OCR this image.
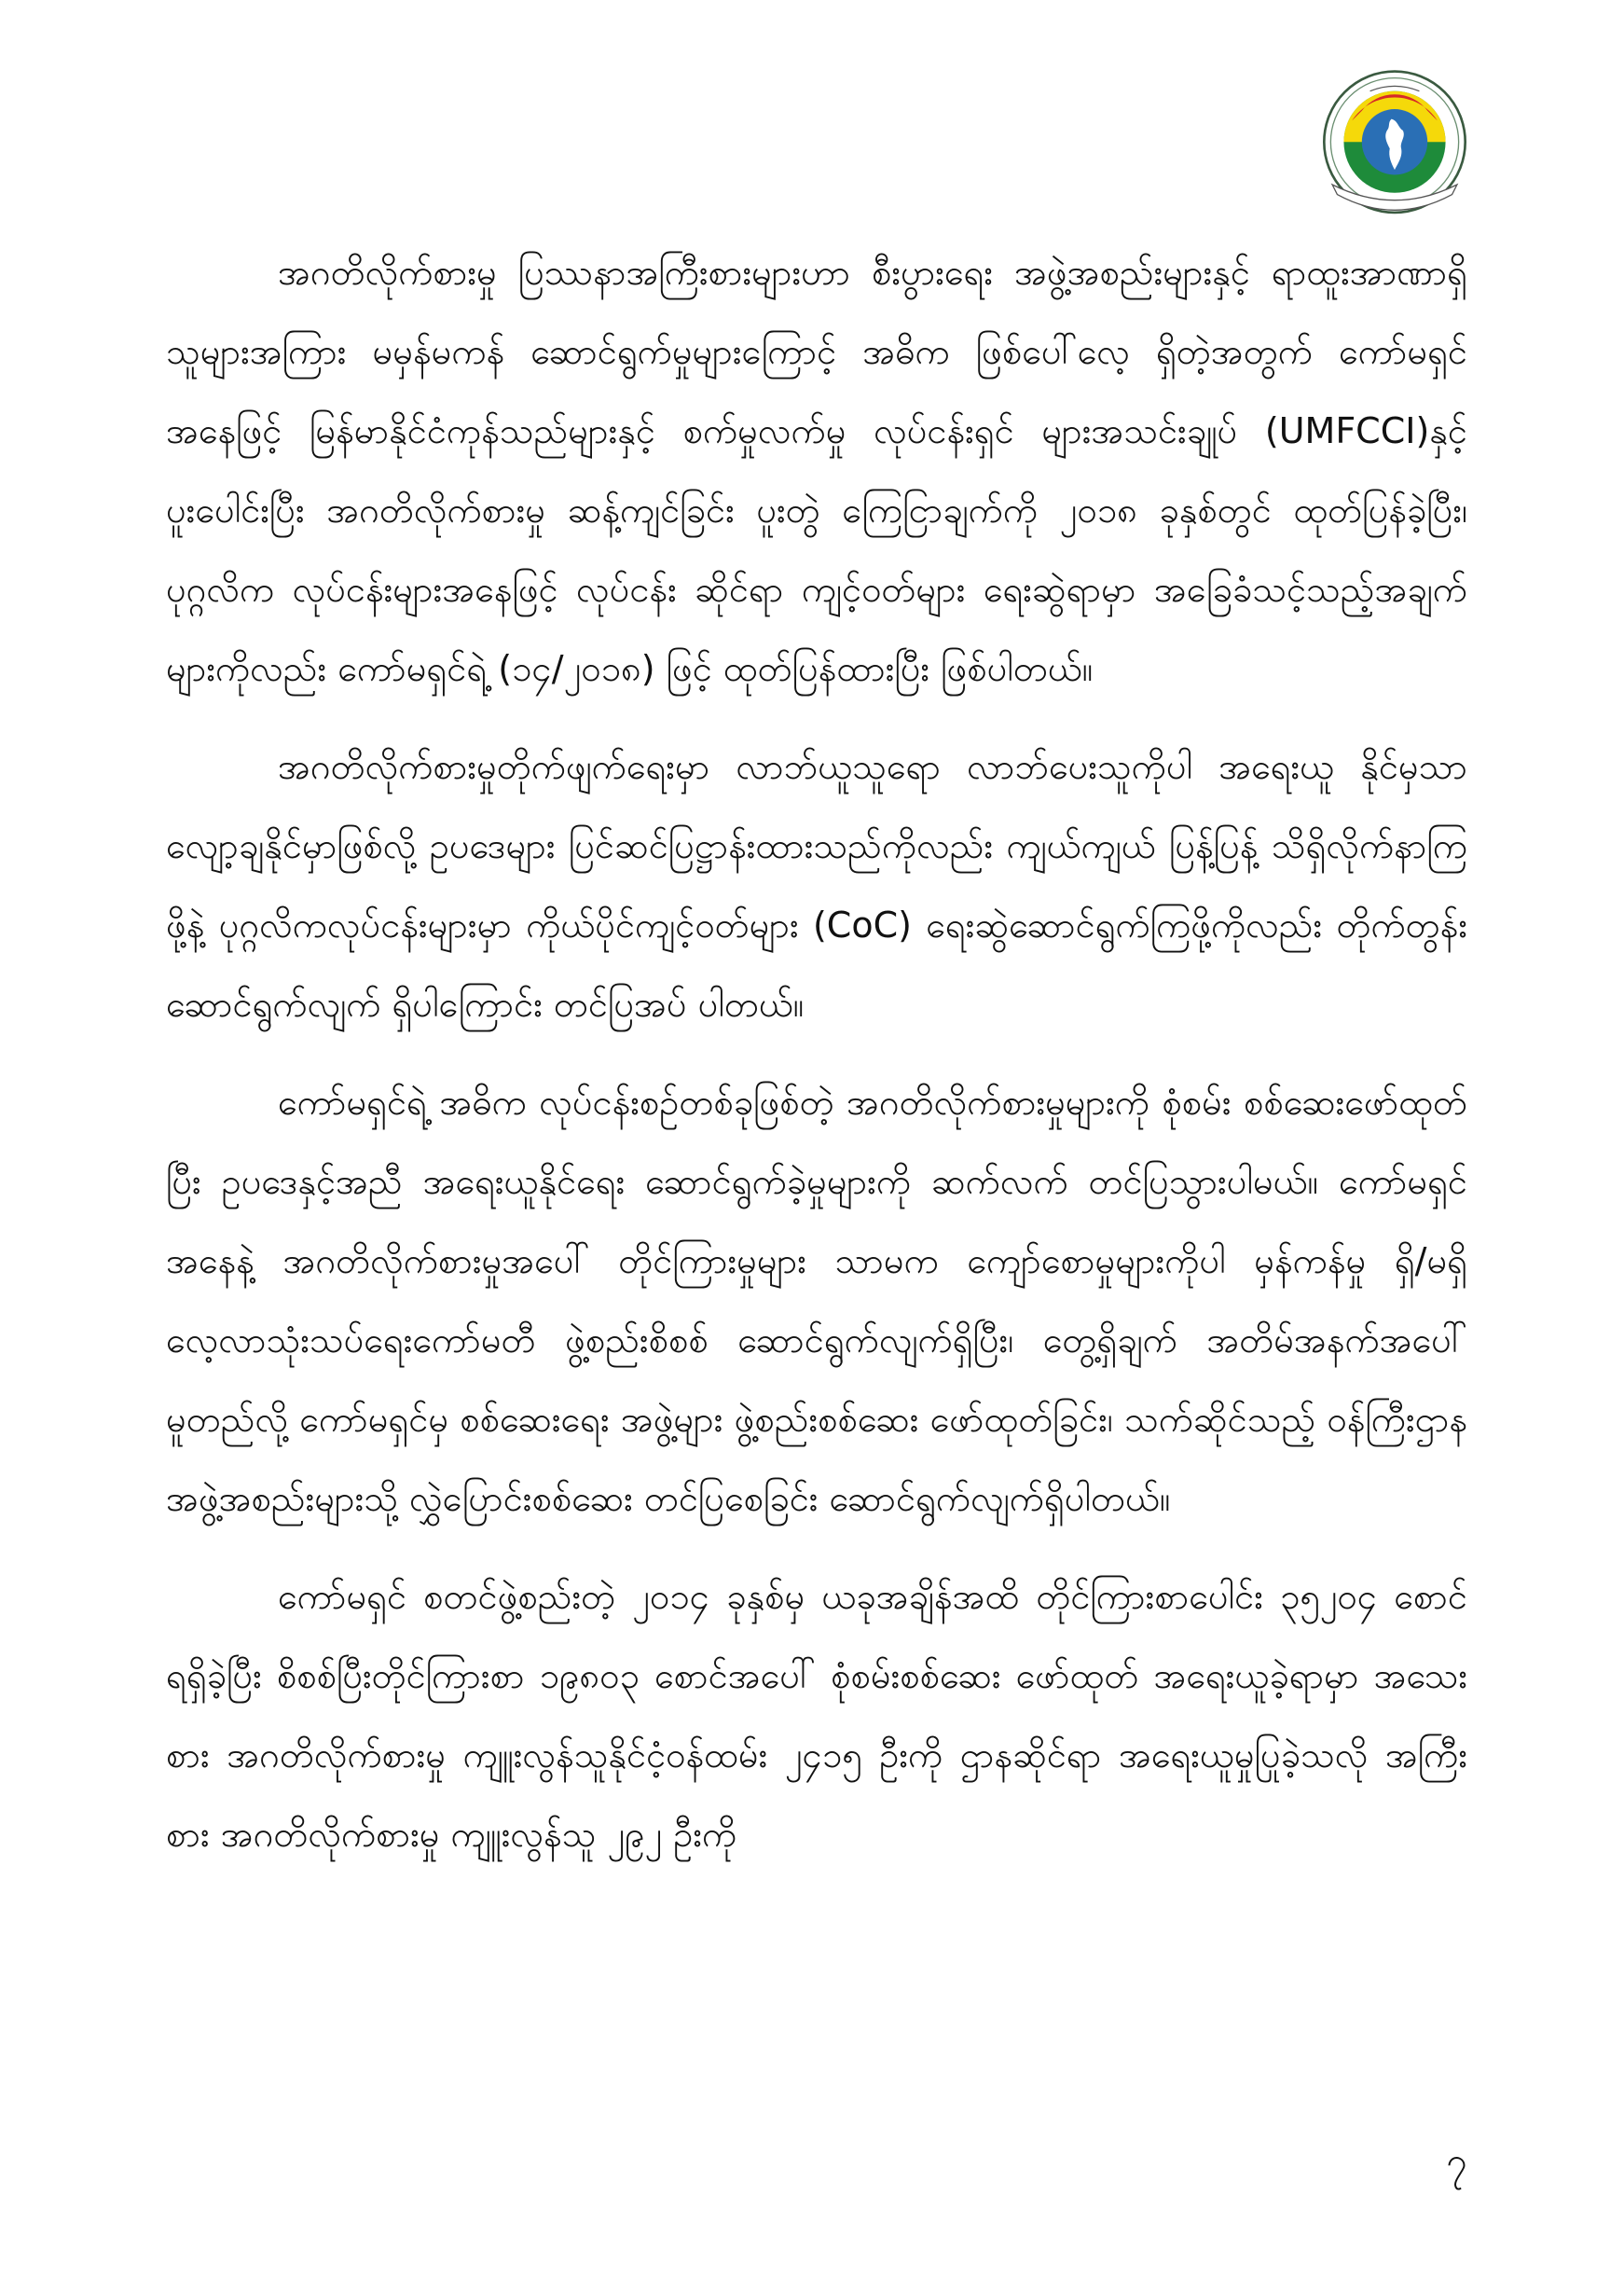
အဂတိလိုက်စားမှု ပြဿနာအကြီးစားများဟာ စီးပွားရေး အဖွဲ့အစည်းများနှင့် ရာထူးအာဏာရှိသူများအကြား မမှန်မကန် ဆောင်ရွက်မှုများကြောင့် အဓိက ဖြစ်ပေါ်လေ့ ရှိတဲ့အတွက် ကော်မရှင်အနေဖြင့် မြန်မာနိုင်ငံကုန်သည်များနှင့် စက်မှုလက်မှု လုပ်ငန်းရှင် များအသင်းချုပ် (UMFCCI)နှင့် ပူးပေါင်းပြီး အဂတိလိုက်စားမှု ဆန့်ကျင်ခြင်း ပူးတွဲ ကြေငြာချက်ကို ၂၀၁၈ ခုနှစ်တွင် ထုတ်ပြန်ခဲ့ပြီး၊ ပုဂ္ဂလိက လုပ်ငန်းများအနေဖြင့် လုပ်ငန်း ဆိုင်ရာ ကျင့်ဝတ်များ ရေးဆွဲရာမှာ အခြေခံသင့်သည့်အချက်များကိုလည်း ကော်မရှင်ရဲ့ (၁၄/၂၀၁၈) ဖြင့် ထုတ်ပြန်ထားပြီး ဖြစ်ပါတယ်။

အဂတိလိုက်စားမှုတိုက်ဖျက်ရေးမှာ လာဘ်ယူသူရော လာဘ်ပေးသူကိုပါ အရေးယူ နိုင်မှသာ လျော့ချနိုင်မှာဖြစ်လို့ ဥပဒေများ ပြင်ဆင်ပြဋ္ဌာန်းထားသည်ကိုလည်း ကျယ်ကျယ် ပြန့်ပြန့် သိရှိလိုက်နာကြဖို့နဲ့ ပုဂ္ဂလိကလုပ်ငန်းများမှာ ကိုယ်ပိုင်ကျင့်ဝတ်များ (CoC) ရေးဆွဲဆောင်ရွက်ကြဖို့ကိုလည်း တိုက်တွန်းဆောင်ရွက်လျက် ရှိပါကြောင်း တင်ပြအပ် ပါတယ်။

ကော်မရှင်ရဲ့ အဓိက လုပ်ငန်းစဉ်တစ်ခုဖြစ်တဲ့ အဂတိလိုက်စားမှုများကို စုံစမ်း စစ်ဆေးဖော်ထုတ်ပြီး ဥပဒေနှင့်အညီ အရေးယူနိုင်ရေး ဆောင်ရွက်ခဲ့မှုများကို ဆက်လက် တင်ပြသွားပါမယ်။ ကော်မရှင်အနေနဲ့ အဂတိလိုက်စားမှုအပေါ် တိုင်ကြားမှုများ သာမက ကျော်စောမှုများကိုပါ မှန်ကန်မှု ရှိ/မရှိ လေ့လာသုံးသပ်ရေးကော်မတီ ဖွဲ့စည်းစိစစ် ဆောင်ရွက်လျက်ရှိပြီး၊ တွေ့ရှိချက် အတိမ်အနက်အပေါ် မူတည်လို့ ကော်မရှင်မှ စစ်ဆေးရေး အဖွဲ့များ ဖွဲ့စည်းစစ်ဆေး ဖော်ထုတ်ခြင်း၊ သက်ဆိုင်သည့် ဝန်ကြီးဌာန အဖွဲ့အစည်းများသို့ လွှဲပြောင်းစစ်ဆေး တင်ပြစေခြင်း ဆောင်ရွက်လျက်ရှိပါတယ်။

ကော်မရှင် စတင်ဖွဲ့စည်းတဲ့ ၂၀၁၄ ခုနှစ်မှ ယခုအချိန်အထိ တိုင်ကြားစာပေါင်း ၃၅၂၀၄ စောင် ရရှိခဲ့ပြီး စိစစ်ပြီးတိုင်ကြားစာ ၁၉၈၀၃ စောင်အပေါ် စုံစမ်းစစ်ဆေး ဖော်ထုတ် အရေးယူခဲ့ရာမှာ အသေးစား အဂတိလိုက်စားမှု ကျူးလွန်သူနိုင်ငံ့ဝန်ထမ်း ၂၄၁၅ ဦးကို ဌာနဆိုင်ရာ အရေးယူမှုပြုခဲ့သလို အကြီးစား အဂတိလိုက်စားမှု ကျူးလွန်သူ ၂၉၂ ဦးကို

၇
